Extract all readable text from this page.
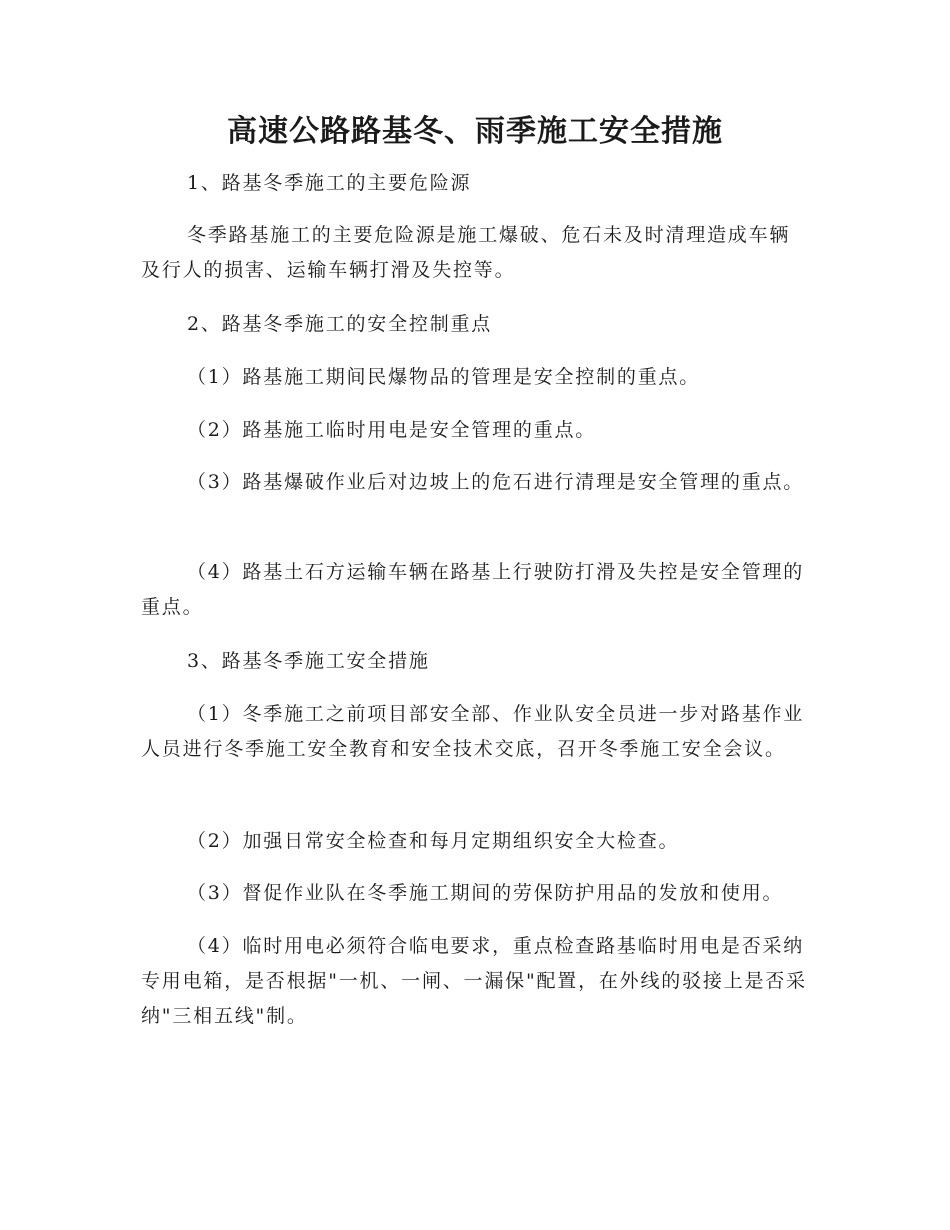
高速公路路基冬、雨季施工安全措施

1、路基冬季施工的主要危险源

冬季路基施工的主要危险源是施工爆破、危石未及时清理造成车辆及行人的损害、运输车辆打滑及失控等。

2、路基冬季施工的安全控制重点

（1）路基施工期间民爆物品的管理是安全控制的重点。

（2）路基施工临时用电是安全管理的重点。

（3）路基爆破作业后对边坡上的危石进行清理是安全管理的重点。

（4）路基土石方运输车辆在路基上行驶防打滑及失控是安全管理的重点。

3、路基冬季施工安全措施

（1）冬季施工之前项目部安全部、作业队安全员进一步对路基作业人员进行冬季施工安全教育和安全技术交底，召开冬季施工安全会议。

（2）加强日常安全检查和每月定期组织安全大检查。

（3）督促作业队在冬季施工期间的劳保防护用品的发放和使用。

（4）临时用电必须符合临电要求，重点检查路基临时用电是否采纳专用电箱，是否根据"一机、一闸、一漏保"配置，在外线的驳接上是否采纳"三相五线"制。
